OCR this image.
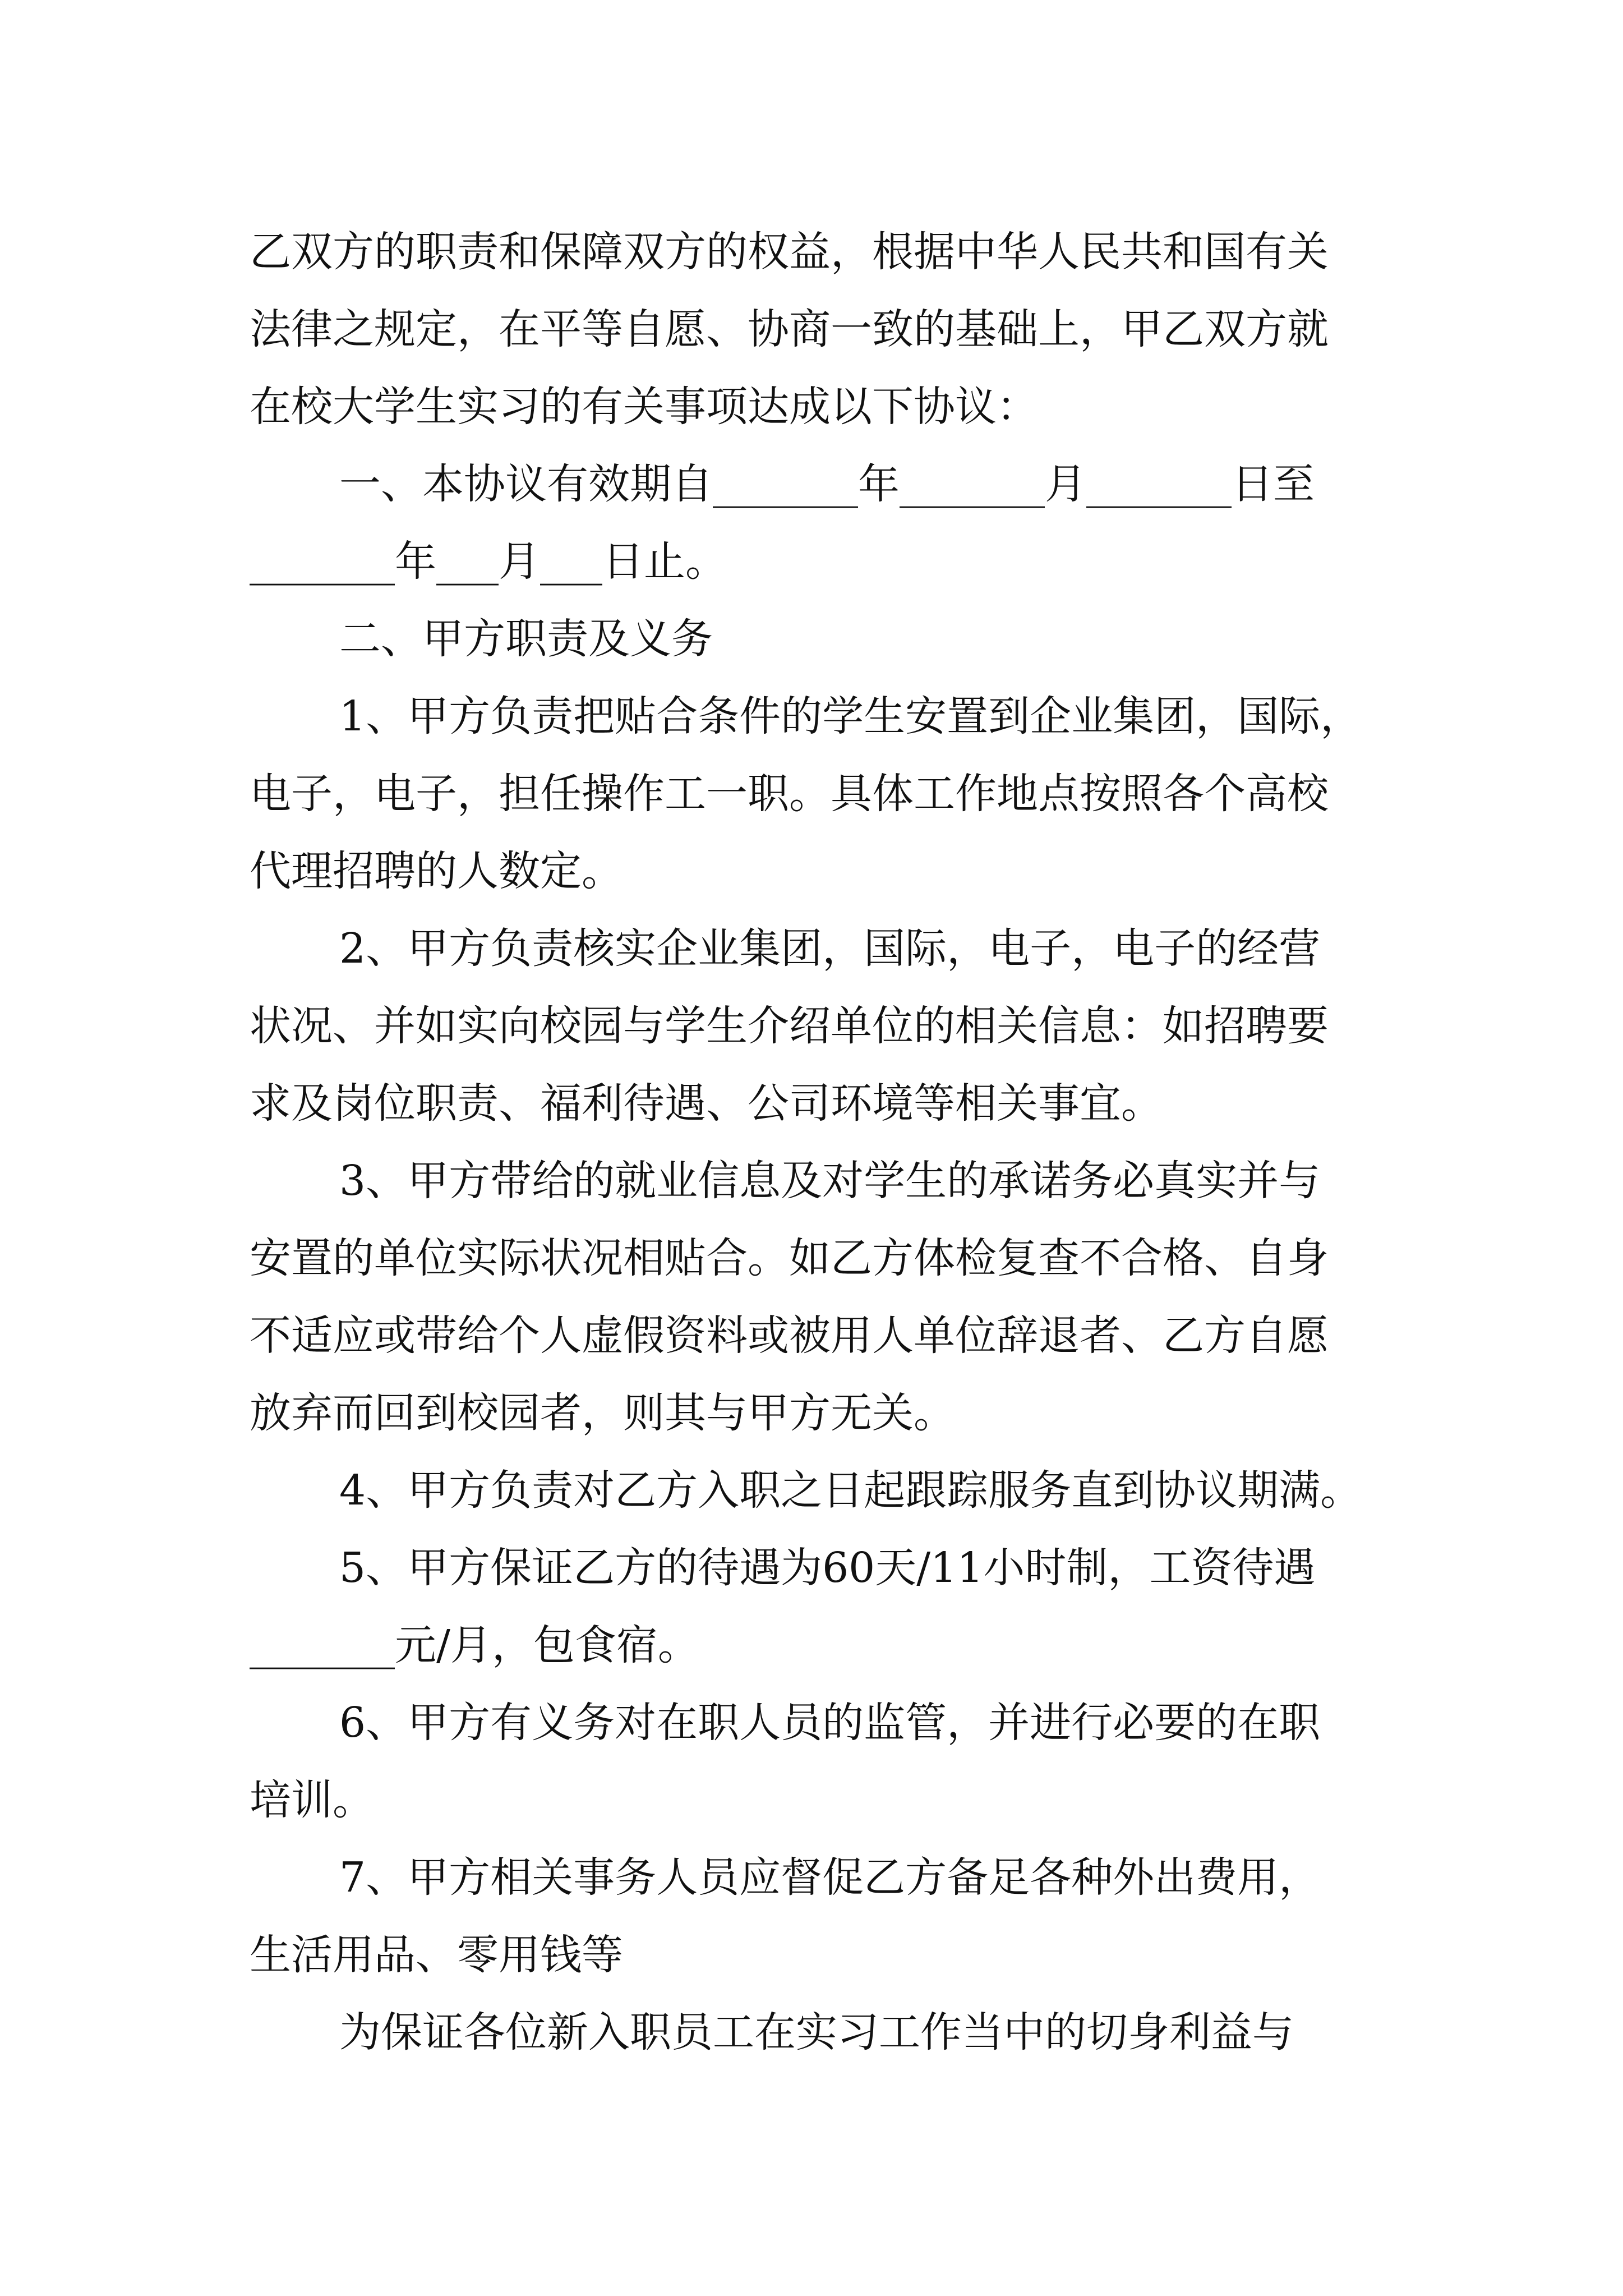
乙双方的职责和保障双方的权益，根据中华人民共和国有关
法律之规定，在平等自愿、协商一致的基础上，甲乙双方就
在校大学生实习的有关事项达成以下协议：
一、本协议有效期自_______年_______月_______日至
_______年___月___日止。
二、甲方职责及义务
1、甲方负责把贴合条件的学生安置到企业集团，国际，
电子，电子，担任操作工一职。具体工作地点按照各个高校
代理招聘的人数定。
2、甲方负责核实企业集团，国际，电子，电子的经营
状况、并如实向校园与学生介绍单位的相关信息：如招聘要
求及岗位职责、福利待遇、公司环境等相关事宜。
3、甲方带给的就业信息及对学生的承诺务必真实并与
安置的单位实际状况相贴合。如乙方体检复查不合格、自身
不适应或带给个人虚假资料或被用人单位辞退者、乙方自愿
放弃而回到校园者，则其与甲方无关。
4、甲方负责对乙方入职之日起跟踪服务直到协议期满。
5、甲方保证乙方的待遇为60天/11小时制，工资待遇
_______元/月，包食宿。
6、甲方有义务对在职人员的监管，并进行必要的在职
培训。
7、甲方相关事务人员应督促乙方备足各种外出费用，
生活用品、零用钱等
为保证各位新入职员工在实习工作当中的切身利益与
